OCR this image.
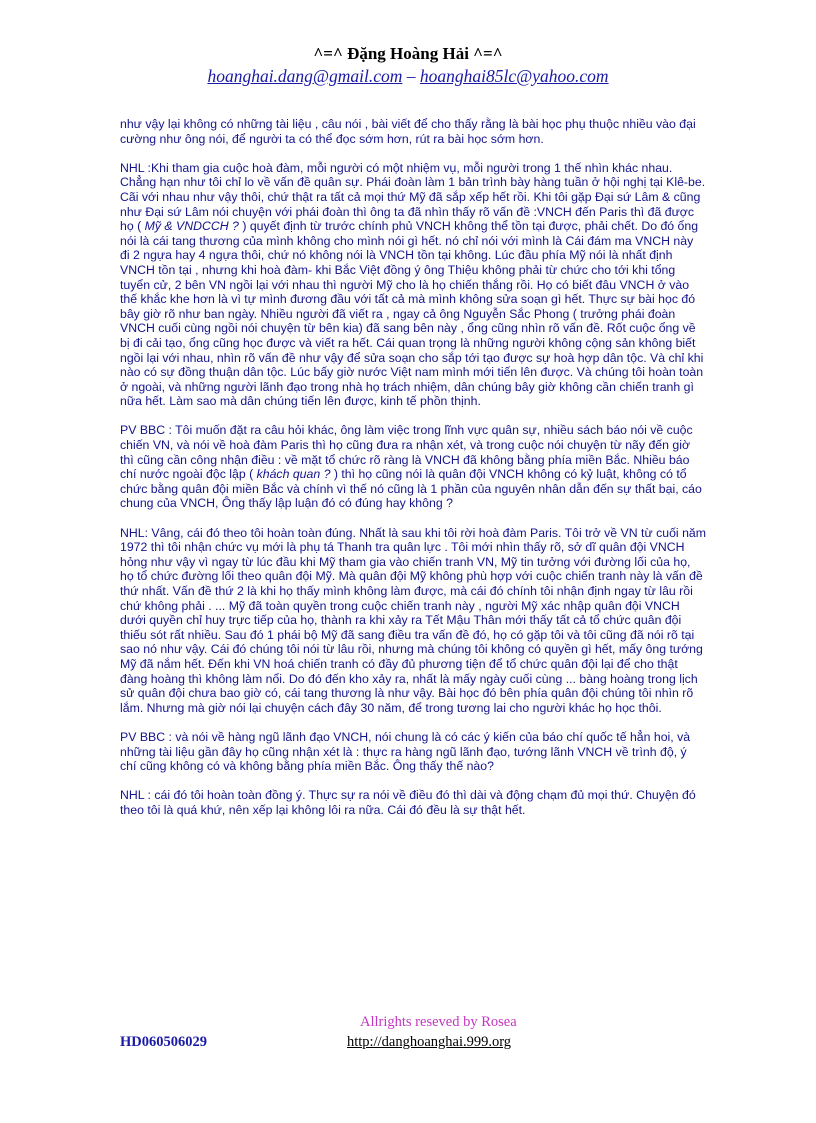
^=^ Đặng Hoàng Hải ^=^
hoanghai.dang@gmail.com – hoanghai85lc@yahoo.com

như vậy lại không có những tài liệu , câu nói , bài viết để cho thấy rằng là bài học phụ thuộc nhiều vào đại cường như ông nói, để người ta có thể đọc sớm hơn, rút ra bài học sớm hơn.

NHL :Khi tham gia cuộc hoà đàm, mỗi người có một nhiệm vụ, mỗi người trong 1 thế nhìn khác nhau. Chẳng hạn như tôi chỉ lo về vấn đề quân sự. Phái đoàn làm 1 bản trình bày hàng tuần ở hội nghị tại Klê-be. Cãi với nhau như vậy thôi, chứ thật ra tất cả mọi thứ Mỹ đã sắp xếp hết rồi. Khi tôi gặp Đại sứ Lâm & cũng như Đại sứ Lâm nói chuyện với phái đoàn thì ông ta đã nhìn thấy rõ vấn đề :VNCH đến Paris thì đã được họ ( Mỹ & VNDCCH ? ) quyết định từ trước chính phủ VNCH không thể tồn tại được, phải chết. Do đó ổng nói là cái tang thương của mình không cho mình nói gì hết. nó chỉ nói với mình là Cái đám ma VNCH này đi 2 ngựa hay 4 ngựa thôi, chứ nó không nói là VNCH tồn tại không. Lúc đầu phía Mỹ nói là nhất định VNCH tồn tại , nhưng khi hoà đàm- khi Bắc Việt đồng ý ông Thiệu không phải từ chức cho tới khi tổng tuyển cử, 2 bên VN ngồi lại với nhau thì người Mỹ cho là họ chiến thắng rồi. Họ có biết đâu VNCH ở vào thế khắc khe hơn là vì tự mình đương đầu với tất cả mà mình không sửa soạn gì hết. Thực sự bài học đó bây giờ rõ như ban ngày. Nhiều người đã viết ra , ngay cả ông Nguyễn Sắc Phong ( trưởng phái đoàn VNCH cuối cùng ngồi nói chuyện từ bên kia) đã sang bên này , ổng cũng nhìn rõ vấn đề. Rốt cuộc ổng về bị đi cải tạo, ổng cũng học được và viết ra hết. Cái quan trọng là những người không cộng sản không biết ngồi lại với nhau, nhìn rõ vấn đề như vậy để sửa soạn cho sắp tới tạo được sự hoà hợp dân tộc. Và chỉ khi nào có sự đồng thuận dân tộc. Lúc bấy giờ nước Việt nam mình mới tiến lên được. Và chúng tôi hoàn toàn ở ngoài, và những người lãnh đạo trong nhà họ trách nhiệm, dân chúng bây giờ không cần chiến tranh gì nữa hết. Làm sao mà dân chúng tiến lên được, kinh tế phồn thịnh.

PV BBC : Tôi muốn đặt ra câu hỏi khác, ông làm việc trong lĩnh vực quân sự, nhiều sách báo nói về cuộc chiến VN, và nói về hoà đàm Paris thì họ cũng đưa ra nhận xét, và trong cuộc nói chuyện từ nãy đến giờ thì cũng cần công nhận điều : về mặt tổ chức rõ ràng là VNCH đã không bằng phía miền Bắc. Nhiều báo chí nước ngoài độc lập ( khách quan ? ) thì họ cũng nói là quân đội VNCH không có kỷ luật, không có tổ chức bằng quân đội miền Bắc và chính vì thế nó cũng là 1 phần của nguyên nhân dẫn đến sự thất bại, cáo chung của VNCH, Ông thấy lập luận đó có đúng hay không ?

NHL: Vâng, cái đó theo tôi hoàn toàn đúng. Nhất là sau khi tôi rời hoà đàm Paris. Tôi trở về VN từ cuối năm 1972 thì tôi nhận chức vụ mới là phụ tá Thanh tra quân lực . Tôi mới nhìn thấy rõ, sở dĩ quân đội VNCH hỏng như vậy vì ngay từ lúc đầu khi Mỹ tham gia vào chiến tranh VN, Mỹ tin tưởng với đường lối của họ, họ tổ chức đường lối theo quân đội Mỹ. Mà quân đội Mỹ không phù hợp với cuộc chiến tranh này là vấn đề thứ nhất. Vấn đề thứ 2 là khi họ thấy mình không làm được, mà cái đó chính tôi nhận định ngay từ lâu rồi chứ không phải . ... Mỹ đã toàn quyền trong cuộc chiến tranh này , người Mỹ xác nhập quân đội VNCH dưới quyền chỉ huy trực tiếp của họ, thành ra khi xảy ra Tết Mậu Thân mới thấy tất cả tổ chức quân đội thiếu sót rất nhiều. Sau đó 1 phái bộ Mỹ đã sang điều tra vấn đề đó, họ có gặp tôi và tôi cũng đã nói rõ tại sao nó như vậy. Cái đó chúng tôi nói từ lâu rồi, nhưng mà chúng tôi không có quyền gì hết, mấy ông tướng Mỹ đã nắm hết. Đến khi VN hoá chiến tranh có đầy đủ phương tiện để tổ chức quân đội lại để cho thật đàng hoàng thì không làm nổi. Do đó đến kho xảy ra, nhất là mấy ngày cuối cùng ... bàng hoàng trong lịch sử quân đội chưa bao giờ có, cái tang thương là như vậy. Bài học đó bên phía quân đội chúng tôi nhìn rõ lắm. Nhưng mà giờ nói lại chuyện cách đây 30 năm, để trong tương lai cho người khác họ học thôi.

PV BBC : và nói về hàng ngũ lãnh đạo VNCH, nói chung là có các ý kiến của báo chí quốc tế hẳn hoi, và những tài liệu gần đây họ cũng nhận xét là : thực ra hàng ngũ lãnh đạo, tướng lãnh VNCH về trình độ, ý chí cũng không có và không bằng phía miền Bắc. Ông thấy thế nào?

NHL : cái đó tôi hoàn toàn đồng ý. Thực sự ra nói về điều đó thì dài và động chạm đủ mọi thứ. Chuyện đó theo tôi là quá khứ, nên xếp lại không lôi ra nữa. Cái đó đều là sự thật hết.

Allrights reseved by Rosea
HD060506029	http://danghoanghai.999.org
